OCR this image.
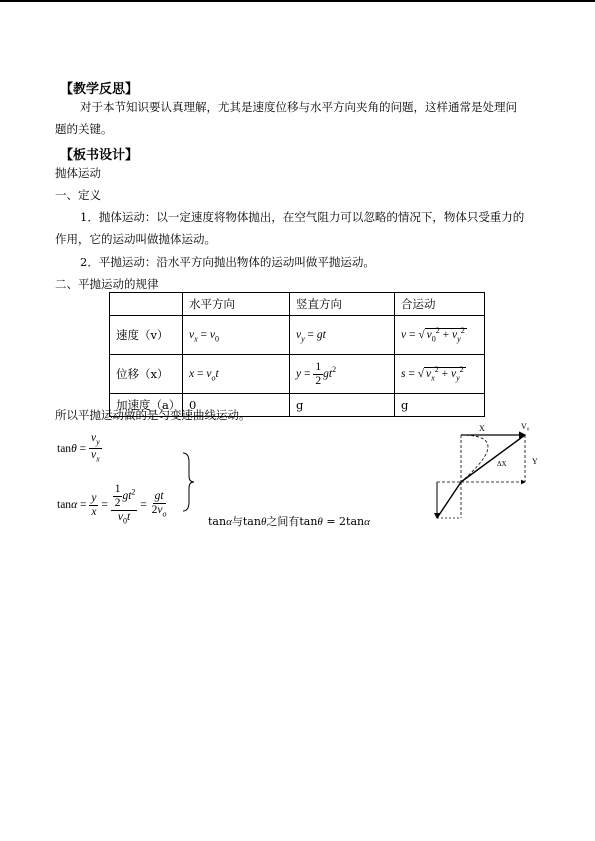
【教学反思】
对于本节知识要认真理解，尤其是速度位移与水平方向夹角的问题，这样通常是处理问
题的关键。
【板书设计】
抛体运动
一、定义
1．抛体运动：以一定速度将物体抛出，在空气阻力可以忽略的情况下，物体只受重力的
作用，它的运动叫做抛体运动。
2．平抛运动：沿水平方向抛出物体的运动叫做平抛运动。
二、平抛运动的规律
	水平方向	竖直方向	合运动
速度（v）	$v_x = v_0$	$v_y$ = gt	v = √ $v_0^2 + v_y^2$
位移（x）	$x = v_ot$	$y = \frac{1}{2} gt^2$	s = √ $v_x^2 + v_y^2$
加速度（a）	0	g	g
所以平抛运动做的是匀变速曲线运动。
tan θ =
$\frac{v_y}{v_x}$
tan α =
$\frac{y}{x}$
=
$\frac{\frac{1}{2} gt^2}{v_0t}$
=
$\frac{gt}{2v_o}$
tanα与tanθ之间有tanθ = 2tanα
X	V₀
Y
ΔX
